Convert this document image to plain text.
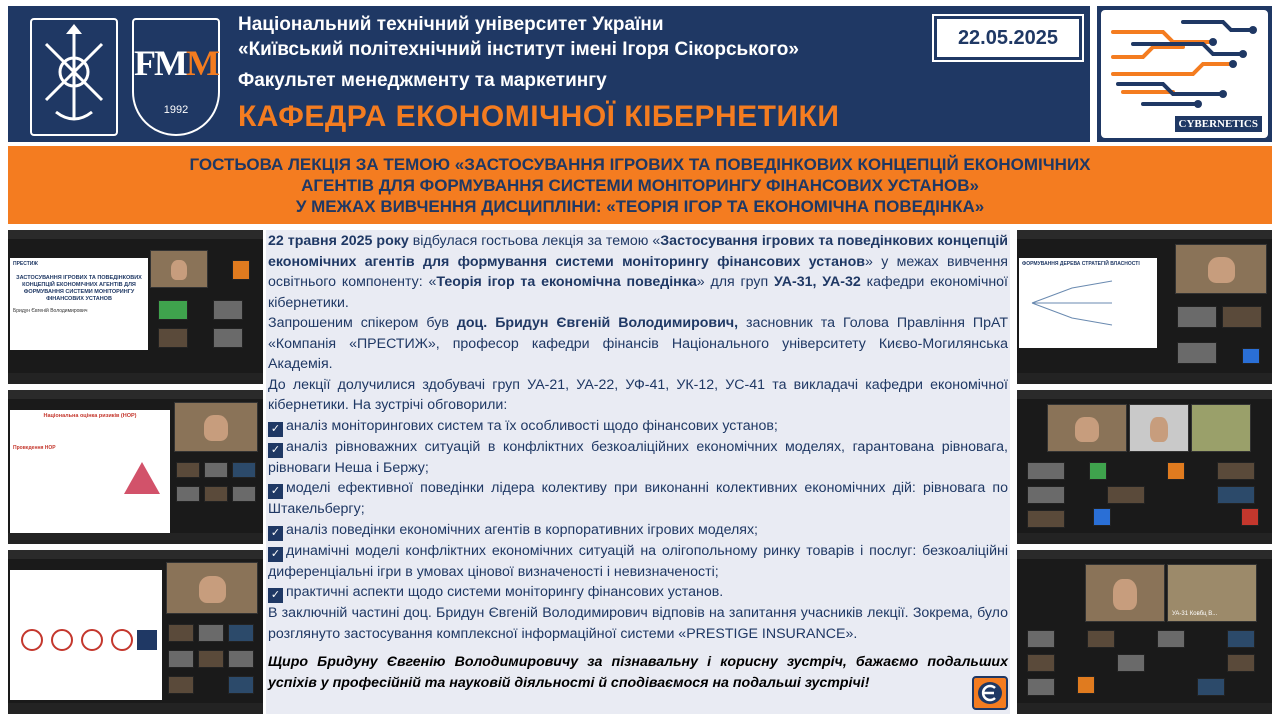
FMM
1992
Національний технічний університет України
«Київський політехнічний інститут імені Ігоря Сікорського»
Факультет менеджменту та маркетингу
КАФЕДРА ЕКОНОМІЧНОЇ КІБЕРНЕТИКИ
22.05.2025
CYBERNETICS
ГОСТЬОВА ЛЕКЦІЯ ЗА ТЕМОЮ «ЗАСТОСУВАННЯ ІГРОВИХ ТА ПОВЕДІНКОВИХ КОНЦЕПЦІЙ ЕКОНОМІЧНИХ
АГЕНТІВ ДЛЯ ФОРМУВАННЯ СИСТЕМИ МОНІТОРИНГУ ФІНАНСОВИХ УСТАНОВ»
У МЕЖАХ ВИВЧЕННЯ ДИСЦИПЛІНИ: «ТЕОРІЯ ІГОР ТА ЕКОНОМІЧНА ПОВЕДІНКА»
ПРЕСТИЖ
ЗАСТОСУВАННЯ ІГРОВИХ ТА ПОВЕДІНКОВИХ КОНЦЕПЦІЙ ЕКОНОМІЧНИХ АГЕНТІВ ДЛЯ ФОРМУВАННЯ СИСТЕМИ МОНІТОРИНГУ ФІНАНСОВИХ УСТАНОВ
Бридун Євгеній Володимирович
Національна оцінка ризиків (НОР)
Проведення НОР
ФОРМУВАННЯ ДЕРЕВА СТРАТЕГІЙ ВЛАСНОСТІ
УА-31 Ковбц В...

22 травня 2025 року відбулася гостьова лекція за темою «Застосування ігрових та поведінкових концепцій економічних агентів для формування системи моніторингу фінансових установ» у межах вивчення освітнього компоненту: «Теорія ігор та економічна поведінка» для груп УА-31, УА-32 кафедри економічної кібернетики.

Запрошеним спікером був доц. Бридун Євгеній Володимирович, засновник та Голова Правління ПрАТ «Компанія «ПРЕСТИЖ», професор кафедри фінансів Національного університету Києво-Могилянська Академія.

До лекції долучилися здобувачі груп УА-21, УА-22, УФ-41, УК-12, УС-41 та викладачі кафедри економічної кібернетики. На зустрічі обговорили:

✓ аналіз моніторингових систем та їх особливості щодо фінансових установ;

✓ аналіз рівноважних ситуацій в конфліктних безкоаліційних економічних моделях, гарантована рівновага, рівноваги Неша і Бержу;

✓ моделі ефективної поведінки лідера колективу при виконанні колективних економічних дій: рівновага по Штакельбергу;

✓ аналіз поведінки економічних агентів в корпоративних ігрових моделях;

✓ динамічні моделі конфліктних економічних ситуацій на олігопольному ринку товарів і послуг: безкоаліційні диференціальні ігри в умовах цінової визначеності і невизначеності;

✓ практичні аспекти щодо системи моніторингу фінансових установ.

В заключній частині доц. Бридун Євгеній Володимирович відповів на запитання учасників лекції. Зокрема, було розглянуто застосування комплексної інформаційної системи «PRESTIGE INSURANCE».

Щиро Бридуну Євгенію Володимировичу за пізнавальну і корисну зустріч, бажаємо подальших успіхів у професійній та науковій діяльності й сподіваємося на подальші зустрічі!
